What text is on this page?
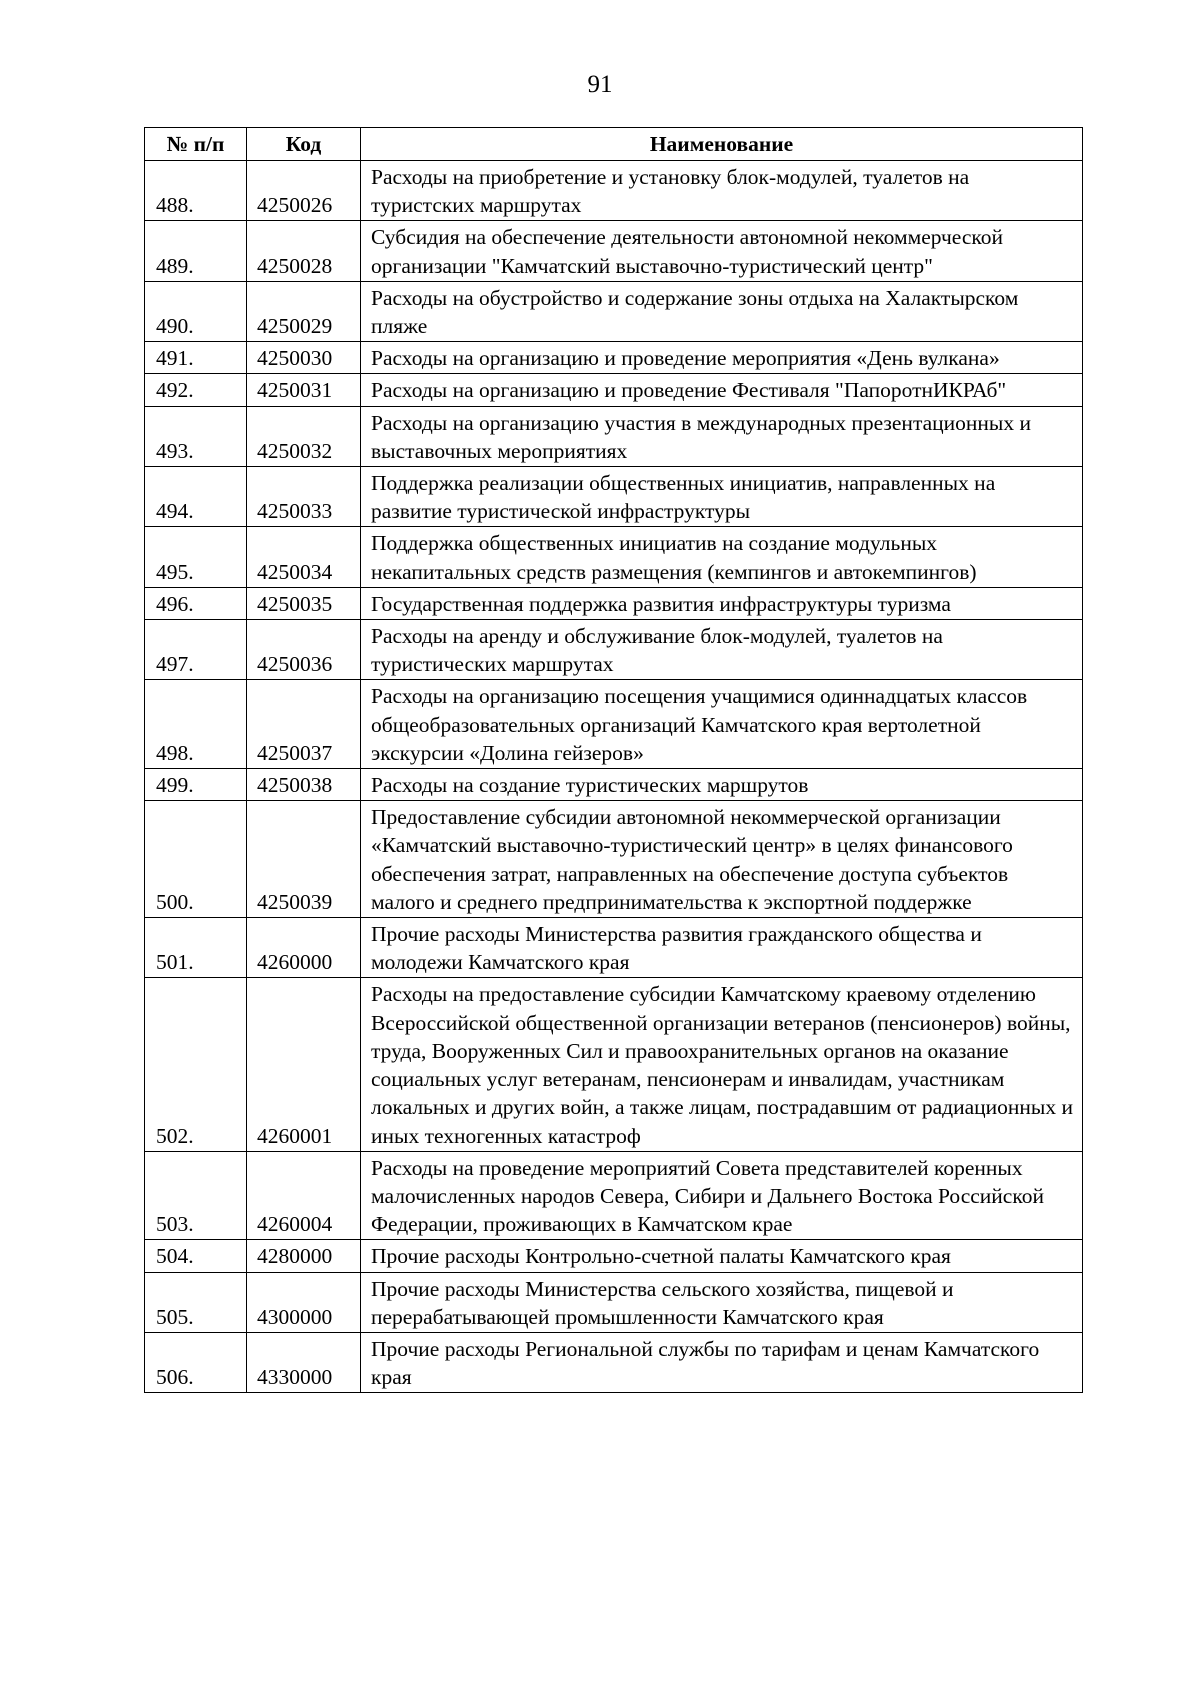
91
№ п/п	Код	Наименование
488.	4250026	Расходы на приобретение и установку блок-модулей, туалетов на туристских маршрутах
489.	4250028	Субсидия на обеспечение деятельности автономной некоммерческой организации "Камчатский выставочно-туристический центр"
490.	4250029	Расходы на обустройство и содержание зоны отдыха на Халактырском пляже
491.	4250030	Расходы на организацию и проведение мероприятия «День вулкана»
492.	4250031	Расходы на организацию и проведение Фестиваля "ПапоротнИКРАб"
493.	4250032	Расходы на организацию участия в международных презентационных и выставочных мероприятиях
494.	4250033	Поддержка реализации общественных инициатив, направленных на развитие туристической инфраструктуры
495.	4250034	Поддержка общественных инициатив на создание модульных некапитальных средств размещения (кемпингов и автокемпингов)
496.	4250035	Государственная поддержка развития инфраструктуры туризма
497.	4250036	Расходы на аренду и обслуживание блок-модулей, туалетов на туристических маршрутах
498.	4250037	Расходы на организацию посещения учащимися одиннадцатых классов общеобразовательных организаций Камчатского края вертолетной экскурсии «Долина гейзеров»
499.	4250038	Расходы на создание туристических маршрутов
500.	4250039	Предоставление субсидии автономной некоммерческой организации «Камчатский выставочно-туристический центр» в целях финансового обеспечения затрат, направленных на обеспечение доступа субъектов малого и среднего предпринимательства к экспортной поддержке
501.	4260000	Прочие расходы Министерства развития гражданского общества и молодежи Камчатского края
502.	4260001	Расходы на предоставление субсидии Камчатскому краевому отделению Всероссийской общественной организации ветеранов (пенсионеров) войны, труда, Вооруженных Сил и правоохранительных органов на оказание социальных услуг ветеранам, пенсионерам и инвалидам, участникам локальных и других войн, а также лицам, пострадавшим от радиационных и иных техногенных катастроф
503.	4260004	Расходы на проведение мероприятий Совета представителей коренных малочисленных народов Севера, Сибири и Дальнего Востока Российской Федерации, проживающих в Камчатском крае
504.	4280000	Прочие расходы Контрольно-счетной палаты Камчатского края
505.	4300000	Прочие расходы Министерства сельского хозяйства, пищевой и перерабатывающей промышленности Камчатского края
506.	4330000	Прочие расходы Региональной службы по тарифам и ценам Камчатского края
